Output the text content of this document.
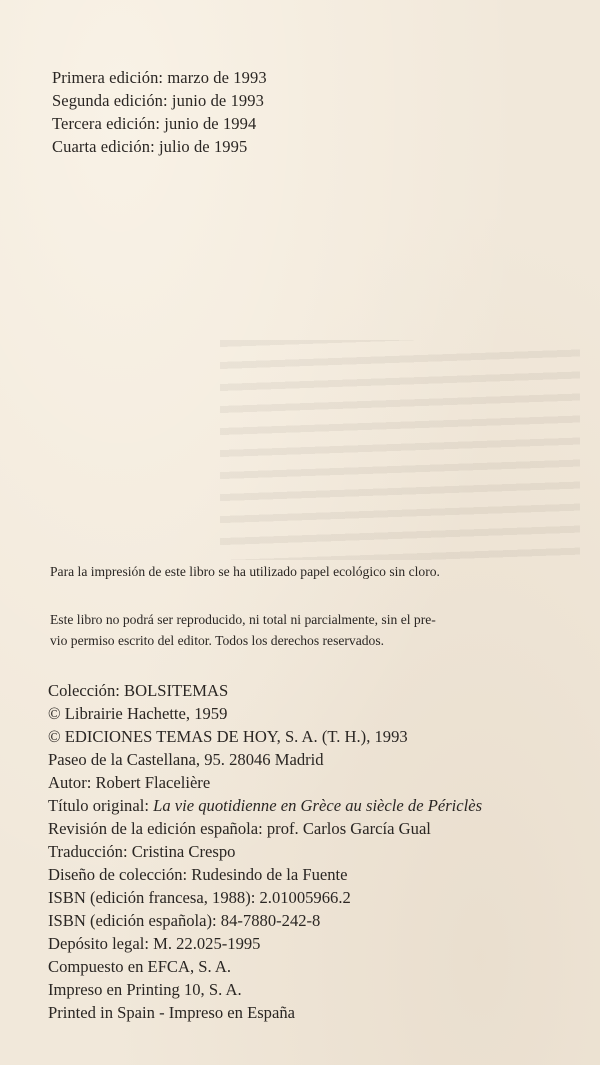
Primera edición: marzo de 1993
Segunda edición: junio de 1993
Tercera edición: junio de 1994
Cuarta edición: julio de 1995
Para la impresión de este libro se ha utilizado papel ecológico sin cloro.
Este libro no podrá ser reproducido, ni total ni parcialmente, sin el pre-
vio permiso escrito del editor. Todos los derechos reservados.
Colección: BOLSITEMAS
© Librairie Hachette, 1959
© EDICIONES TEMAS DE HOY, S. A. (T. H.), 1993
Paseo de la Castellana, 95. 28046 Madrid
Autor: Robert Flacelière
Título original: La vie quotidienne en Grèce au siècle de Périclès
Revisión de la edición española: prof. Carlos García Gual
Traducción: Cristina Crespo
Diseño de colección: Rudesindo de la Fuente
ISBN (edición francesa, 1988): 2.01005966.2
ISBN (edición española): 84-7880-242-8
Depósito legal: M. 22.025-1995
Compuesto en EFCA, S. A.
Impreso en Printing 10, S. A.
Printed in Spain - Impreso en España
